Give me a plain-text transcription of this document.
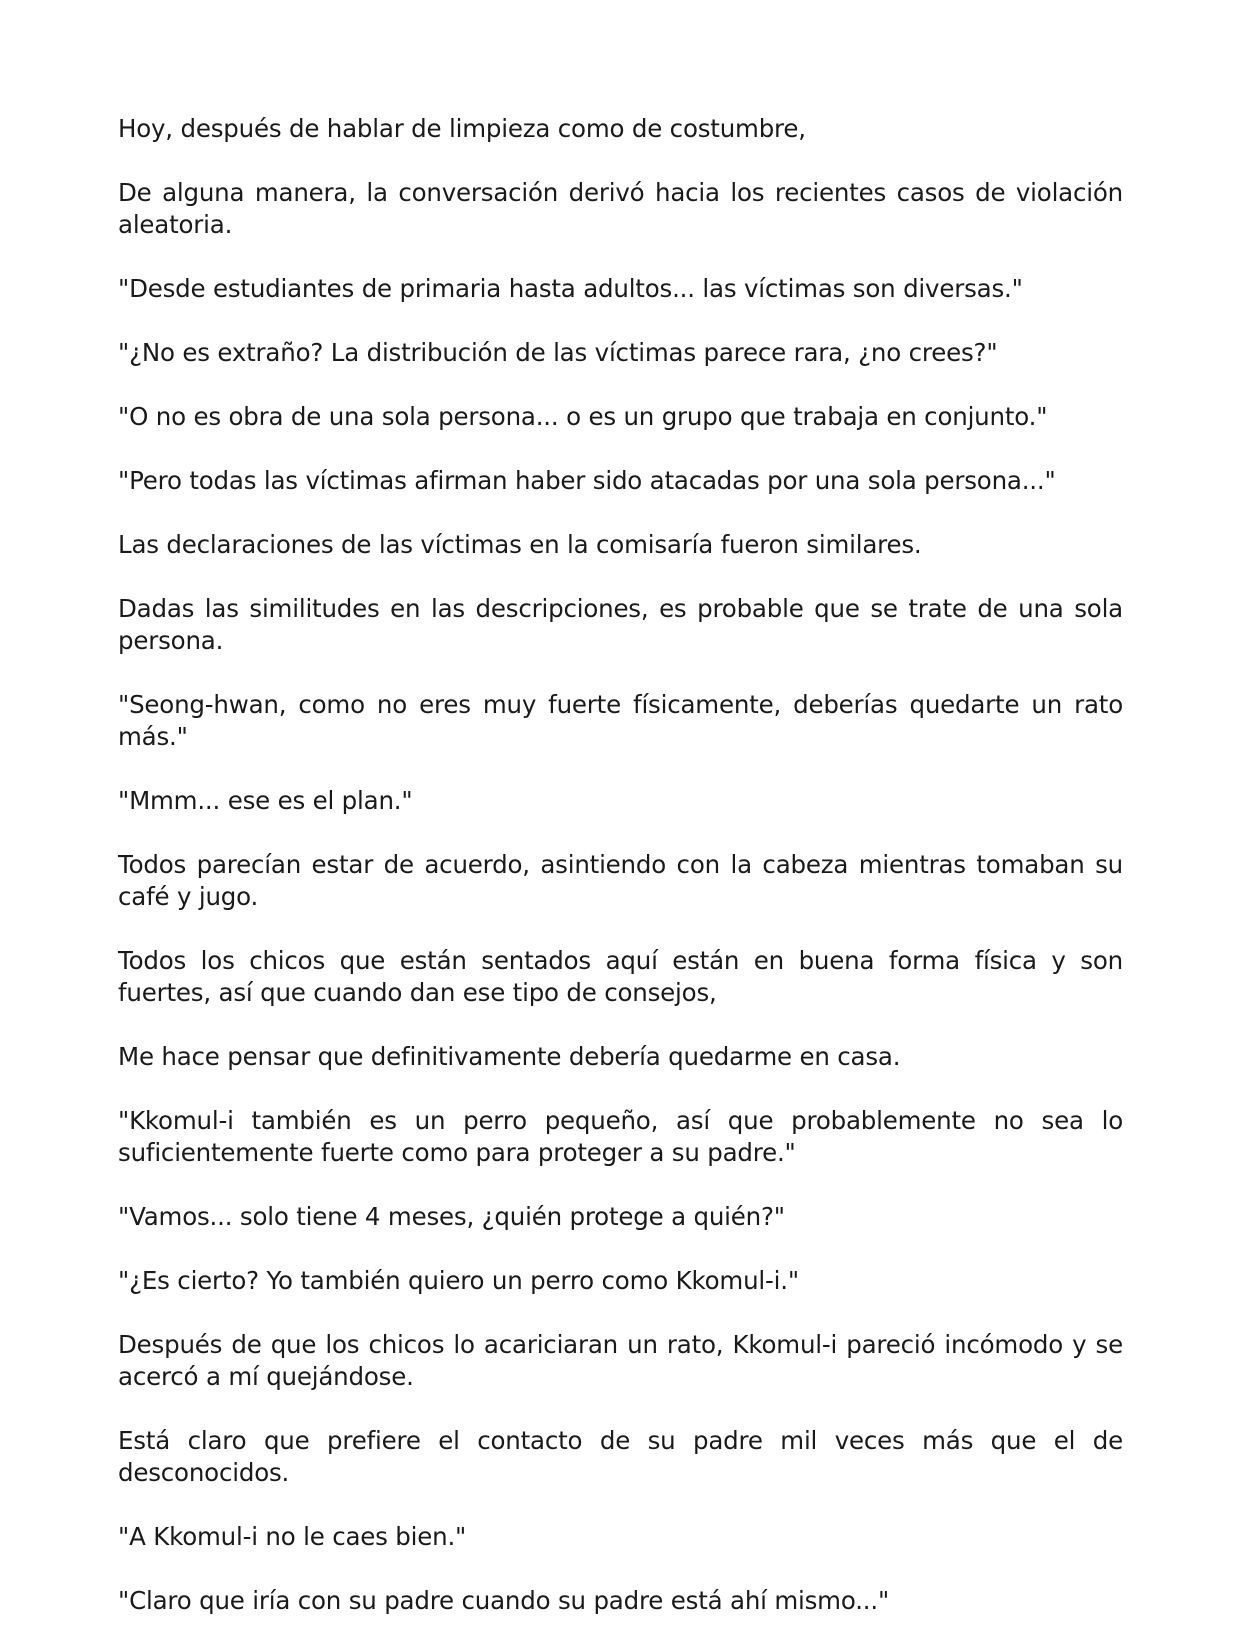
Hoy, después de hablar de limpieza como de costumbre,

De alguna manera, la conversación derivó hacia los recientes casos de violación aleatoria.

"Desde estudiantes de primaria hasta adultos... las víctimas son diversas."

"¿No es extraño? La distribución de las víctimas parece rara, ¿no crees?"

"O no es obra de una sola persona... o es un grupo que trabaja en conjunto."

"Pero todas las víctimas afirman haber sido atacadas por una sola persona..."

Las declaraciones de las víctimas en la comisaría fueron similares.

Dadas las similitudes en las descripciones, es probable que se trate de una sola persona.

"Seong-hwan, como no eres muy fuerte físicamente, deberías quedarte un rato más."

"Mmm... ese es el plan."

Todos parecían estar de acuerdo, asintiendo con la cabeza mientras tomaban su café y jugo.

Todos los chicos que están sentados aquí están en buena forma física y son fuertes, así que cuando dan ese tipo de consejos,

Me hace pensar que definitivamente debería quedarme en casa.

"Kkomul-i también es un perro pequeño, así que probablemente no sea lo suficientemente fuerte como para proteger a su padre."

"Vamos... solo tiene 4 meses, ¿quién protege a quién?"

"¿Es cierto? Yo también quiero un perro como Kkomul-i."

Después de que los chicos lo acariciaran un rato, Kkomul-i pareció incómodo y se acercó a mí quejándose.

Está claro que prefiere el contacto de su padre mil veces más que el de desconocidos.

"A Kkomul-i no le caes bien."

"Claro que iría con su padre cuando su padre está ahí mismo..."
